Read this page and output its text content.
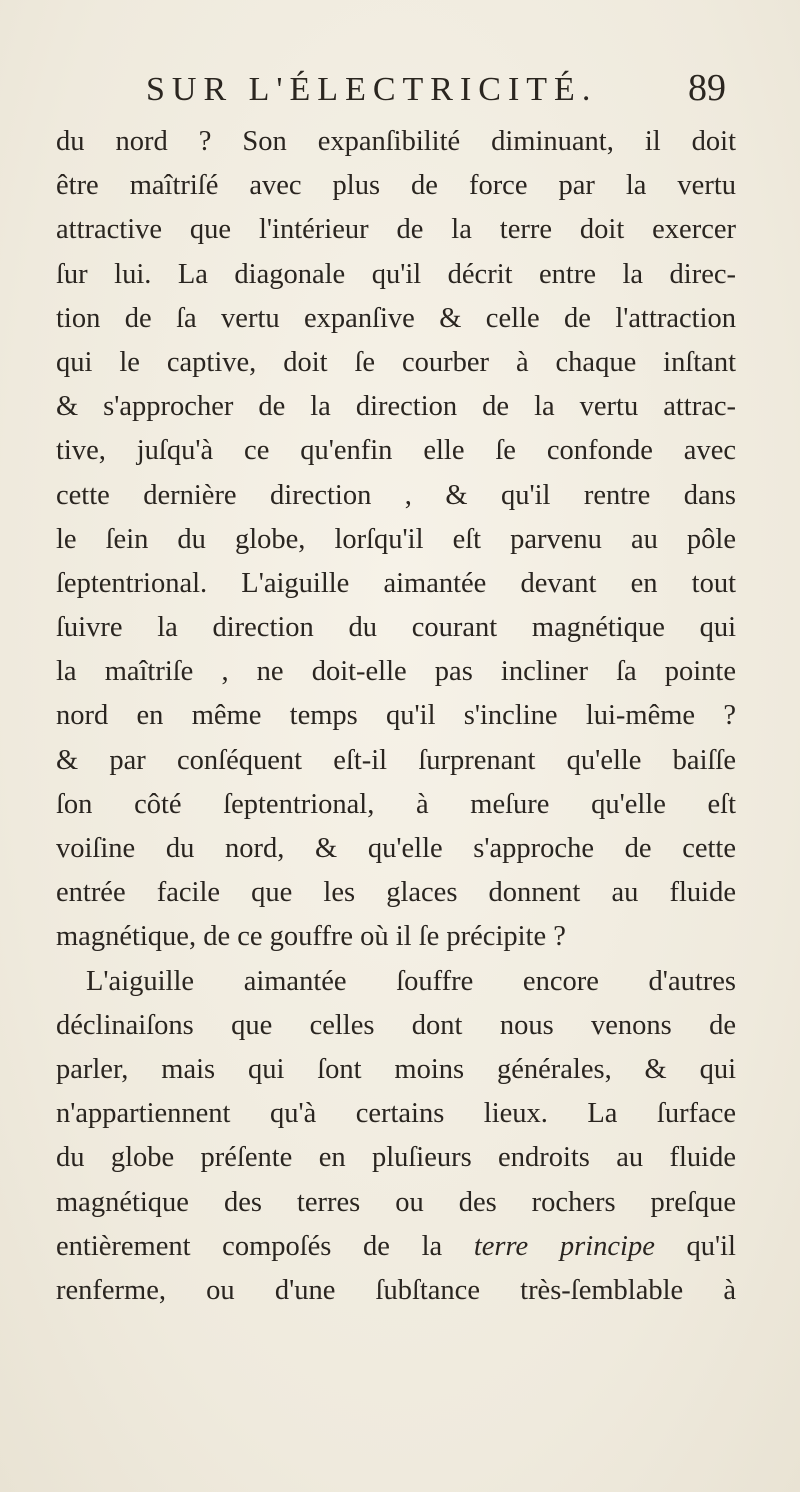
SUR L'ÉLECTRICITÉ. 89
du nord ? Son expanſibilité diminuant, il doit
être maîtriſé avec plus de force par la vertu
attractive que l'intérieur de la terre doit exercer
ſur lui. La diagonale qu'il décrit entre la direc-
tion de ſa vertu expanſive & celle de l'attraction
qui le captive, doit ſe courber à chaque inſtant
& s'approcher de la direction de la vertu attrac-
tive, juſqu'à ce qu'enfin elle ſe confonde avec
cette dernière direction , & qu'il rentre dans
le ſein du globe, lorſqu'il eſt parvenu au pôle
ſeptentrional. L'aiguille aimantée devant en tout
ſuivre la direction du courant magnétique qui
la maîtriſe , ne doit-elle pas incliner ſa pointe
nord en même temps qu'il s'incline lui-même ?
& par conſéquent eſt-il ſurprenant qu'elle baiſſe
ſon côté ſeptentrional, à meſure qu'elle eſt
voiſine du nord, & qu'elle s'approche de cette
entrée facile que les glaces donnent au fluide
magnétique, de ce gouffre où il ſe précipite ?
L'aiguille aimantée ſouffre encore d'autres
déclinaiſons que celles dont nous venons de
parler, mais qui ſont moins générales, & qui
n'appartiennent qu'à certains lieux. La ſurface
du globe préſente en pluſieurs endroits au fluide
magnétique des terres ou des rochers preſque
entièrement compoſés de la terre principe qu'il
renferme, ou d'une ſubſtance très-ſemblable à
